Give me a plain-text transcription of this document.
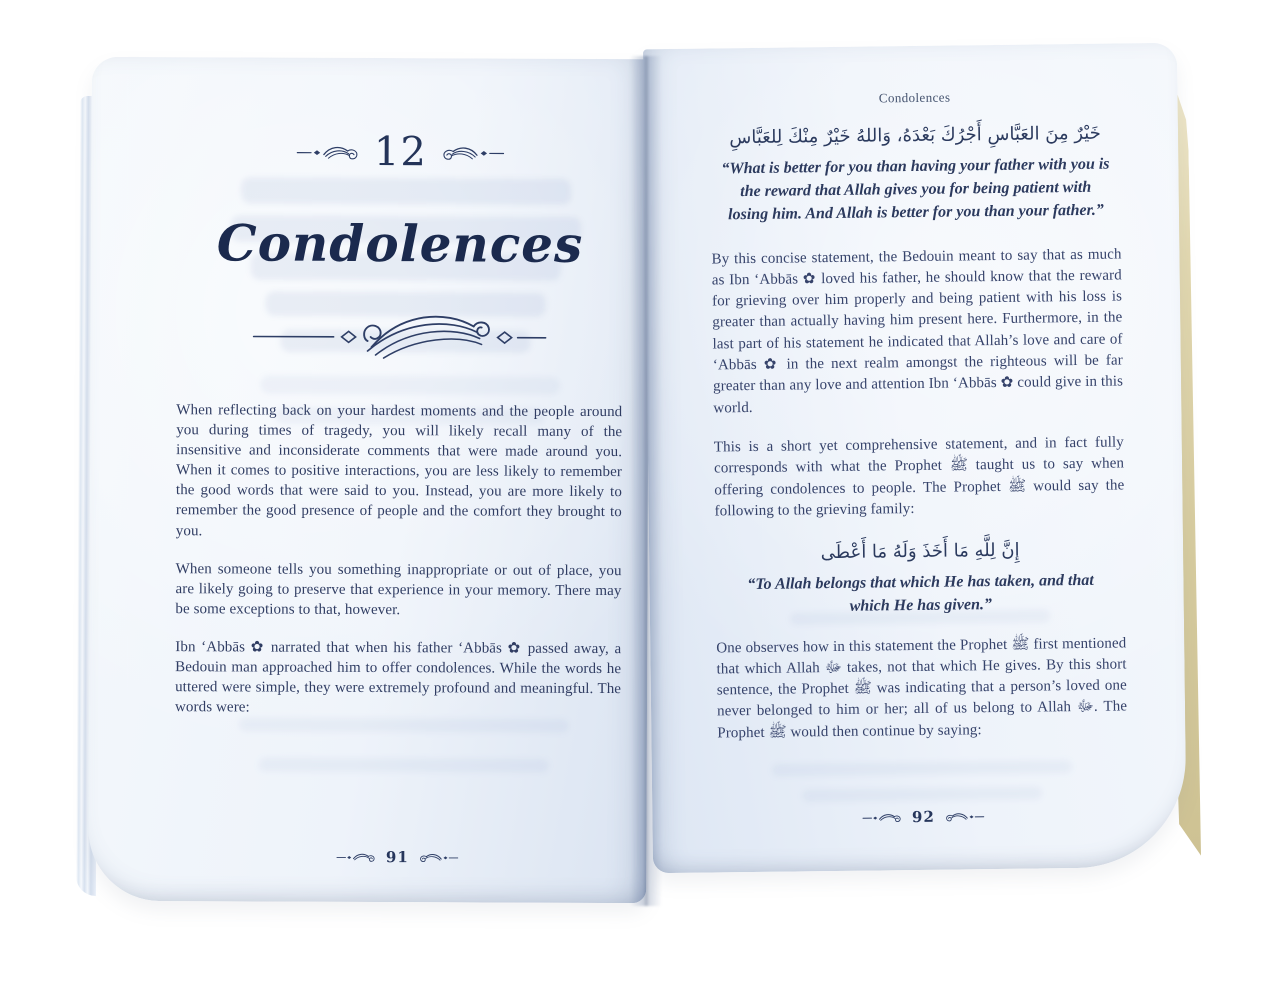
12
Condolences

When reflecting back on your hardest moments and the people around you during times of tragedy, you will likely recall many of the insensitive and inconsiderate comments that were made around you. When it comes to positive interactions, you are less likely to remember the good words that were said to you. Instead, you are more likely to remember the good presence of people and the comfort they brought to you.

When someone tells you something inappropriate or out of place, you are likely going to preserve that experience in your memory. There may be some exceptions to that, however.

Ibn ‘Abbās ✿ narrated that when his father ‘Abbās ✿ passed away, a Bedouin man approached him to offer condolences. While the words he uttered were simple, they were extremely profound and meaningful. The words were:

91
Condolences
خَيْرٌ مِنَ العَبَّاسِ أَجْرُكَ بَعْدَهُ، وَاللهُ خَيْرٌ مِنْكَ لِلعَبَّاسِ
“What is better for you than having your father with you is the reward that Allah gives you for being patient with losing him. And Allah is better for you than your father.”

By this concise statement, the Bedouin meant to say that as much as Ibn ‘Abbās ✿ loved his father, he should know that the reward for grieving over him properly and being patient with his loss is greater than actually having him present here. Furthermore, in the last part of his statement he indicated that Allah’s love and care of ‘Abbās ✿ in the next realm amongst the righteous will be far greater than any love and attention Ibn ‘Abbās ✿ could give in this world.

This is a short yet comprehensive statement, and in fact fully corresponds with what the Prophet ﷺ taught us to say when offering condolences to people. The Prophet ﷺ would say the following to the grieving family:

إِنَّ لِلَّهِ مَا أَخَذَ وَلَهُ مَا أَعْطَى
“To Allah belongs that which He has taken, and that which He has given.”

One observes how in this statement the Prophet ﷺ first mentioned that which Allah ﷻ takes, not that which He gives. By this short sentence, the Prophet ﷺ was indicating that a person’s loved one never belonged to him or her; all of us belong to Allah ﷻ. The Prophet ﷺ would then continue by saying:

92
